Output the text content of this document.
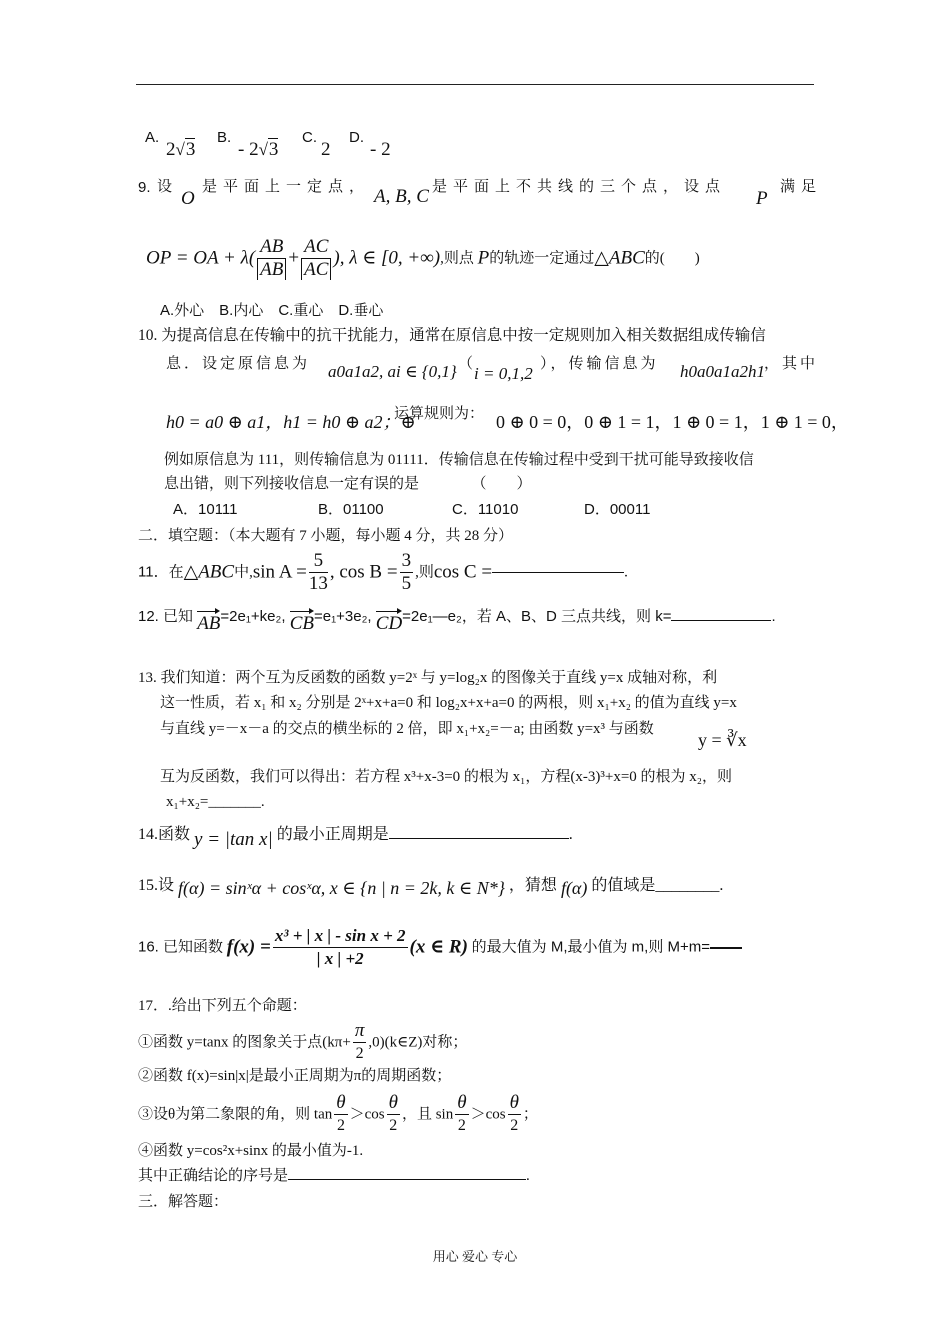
A.
2√3
B.
- 2√3
C.
2
D.
- 2
9. 设
O
是平面上一定点， A, B, C 是平面上不共线的三个点，设点
P
满足
OP = OA + $\lambda( \frac{AB}{AB} + \frac{AC}{AC}$ ), λ ∈ [0, +∞),则点 P的轨迹一定通过△ABC的(　　)
A.外心　B.内心　C.重心　D.垂心
10. 为提高信息在传输中的抗干扰能力，通常在原信息中按一定规则加入相关数据组成传输信
息．设定原信息为 a0a1a2, ai ∈ {0,1} （ i = 0,1,2 ），传输信息为 h0a0a1a2h1 ，其中
h0 = a0 ⊕ a1，h1 = h0 ⊕ a2；⊕
运算规则为： 0 ⊕ 0 = 0，0 ⊕ 1 = 1，1 ⊕ 0 = 1，1 ⊕ 1 = 0，
例如原信息为 111，则传输信息为 01111．传输信息在传输过程中受到干扰可能导致接收信
息出错，则下列接收信息一定有误的是　　　　（　　）
A．10111	B．01100	C．11010	D．00011
二．填空题：（本大题有 7 小题，每小题 4 分，共 28 分）
11．在△ABC中,sin $A = \frac{5}{13}$ , $\cos B = \frac{3}{5}$ ,则cos C =	.
12. 已知 AB=2e₁+ke₂, CB=e₁+3e₂, CD=2e₁—e₂，若 A、B、D 三点共线，则 k=	.
13. 我们知道：两个互为反函数的函数 y=2ˣ 与 y=log₂x 的图像关于直线 y=x 成轴对称，利
这一性质，若 x₁ 和 x₂ 分别是 2ˣ+x+a=0 和 log₂x+x+a=0 的两根，则 x₁+x₂ 的值为直线 y=x
与直线 y=－x－a 的交点的横坐标的 2 倍，即 x₁+x₂=－a; 由函数 y=x³ 与函数
y = ∛x
互为反函数，我们可以得出：若方程 x³+x-3=0 的根为 x₁，方程(x-3)³+x=0 的根为 x₂，则
x₁+x₂=_______.
14.函数 y = |tan x| 的最小正周期是	.
15.设 f(α) = sinˣα + cosˣα, x ∈ {n | n = 2k, k ∈ N*} ，猜想 f(α) 的值域是________.
16. 已知函数 $f(x) = \frac{\text{x³ + | x | - sin x + 2}}{| x | +2} (x$ ∈ R) 的最大值为 M,最小值为 m,则 M+m=
17．.给出下列五个命题：
①函数 y=tanx 的图象关于点($k\pi+ \frac{\pi}{2}$ ,0)(k∈Z)对称；
②函数 f(x)=sin|x|是最小正周期为π的周期函数；
③设θ为第二象限的角，则 $\tan \frac{\theta}{2} >\cos \frac{\theta}{2}$ ，且 $\sin \frac{\theta}{2} >\cos \frac{\theta}{2}$ ；
④函数 y=cos²x+sinx 的最小值为-1.
其中正确结论的序号是	.
三．解答题：
用心 爱心 专心
